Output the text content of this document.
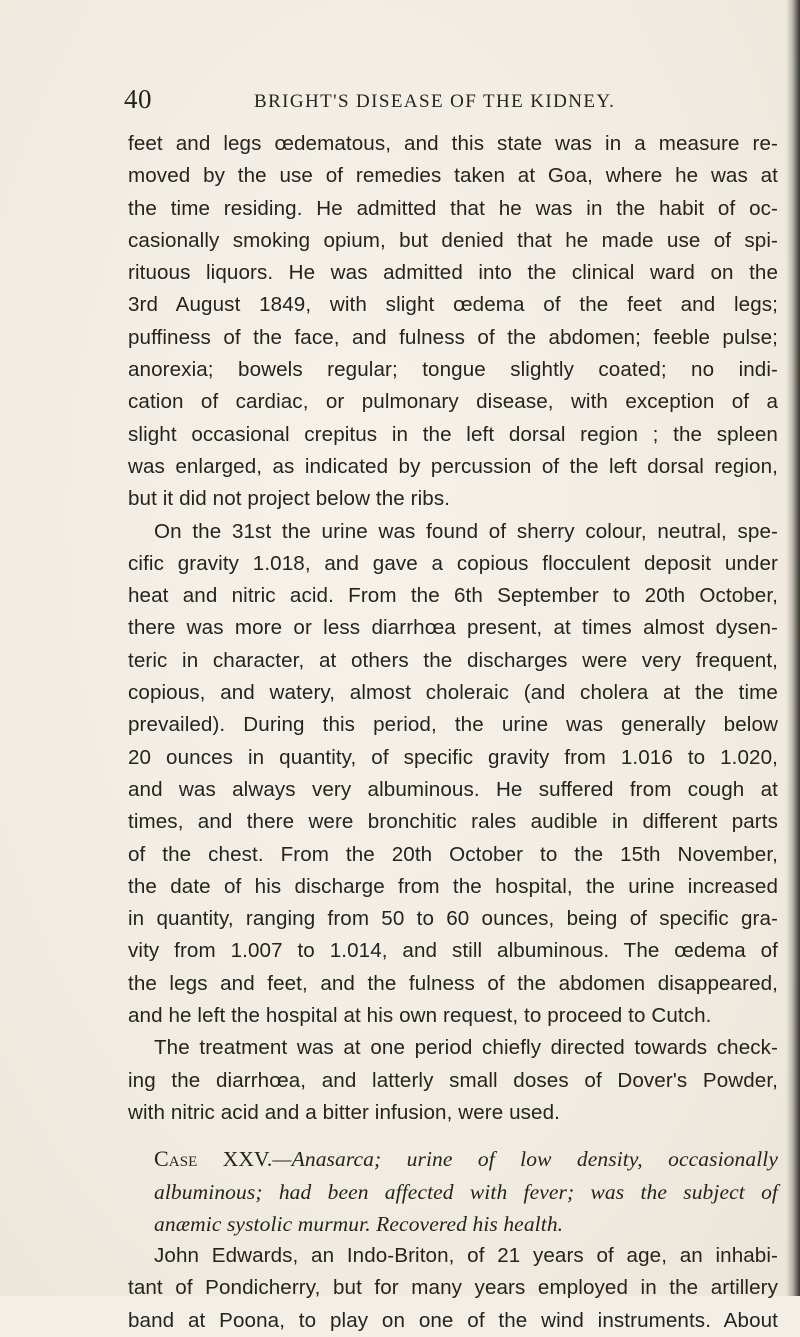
40	BRIGHT'S DISEASE OF THE KIDNEY.
feet and legs œdematous, and this state was in a measure re-
moved by the use of remedies taken at Goa, where he was at
the time residing. He admitted that he was in the habit of oc-
casionally smoking opium, but denied that he made use of spi-
rituous liquors. He was admitted into the clinical ward on the
3rd August 1849, with slight œdema of the feet and legs;
puffiness of the face, and fulness of the abdomen; feeble pulse;
anorexia; bowels regular; tongue slightly coated; no indi-
cation of cardiac, or pulmonary disease, with exception of a
slight occasional crepitus in the left dorsal region ; the spleen
was enlarged, as indicated by percussion of the left dorsal region,
but it did not project below the ribs.
On the 31st the urine was found of sherry colour, neutral, spe-
cific gravity 1.018, and gave a copious flocculent deposit under
heat and nitric acid. From the 6th September to 20th October,
there was more or less diarrhœa present, at times almost dysen-
teric in character, at others the discharges were very frequent,
copious, and watery, almost choleraic (and cholera at the time
prevailed). During this period, the urine was generally below
20 ounces in quantity, of specific gravity from 1.016 to 1.020,
and was always very albuminous. He suffered from cough at
times, and there were bronchitic rales audible in different parts
of the chest. From the 20th October to the 15th November,
the date of his discharge from the hospital, the urine increased
in quantity, ranging from 50 to 60 ounces, being of specific gra-
vity from 1.007 to 1.014, and still albuminous. The œdema of
the legs and feet, and the fulness of the abdomen disappeared,
and he left the hospital at his own request, to proceed to Cutch.
The treatment was at one period chiefly directed towards check-
ing the diarrhœa, and latterly small doses of Dover's Powder,
with nitric acid and a bitter infusion, were used.
Case XXV.—Anasarca; urine of low density, occasionally
albuminous; had been affected with fever; was the subject of
anæmic systolic murmur. Recovered his health.
John Edwards, an Indo-Briton, of 21 years of age, an inhabi-
tant of Pondicherry, but for many years employed in the artillery
band at Poona, to play on one of the wind instruments. About
